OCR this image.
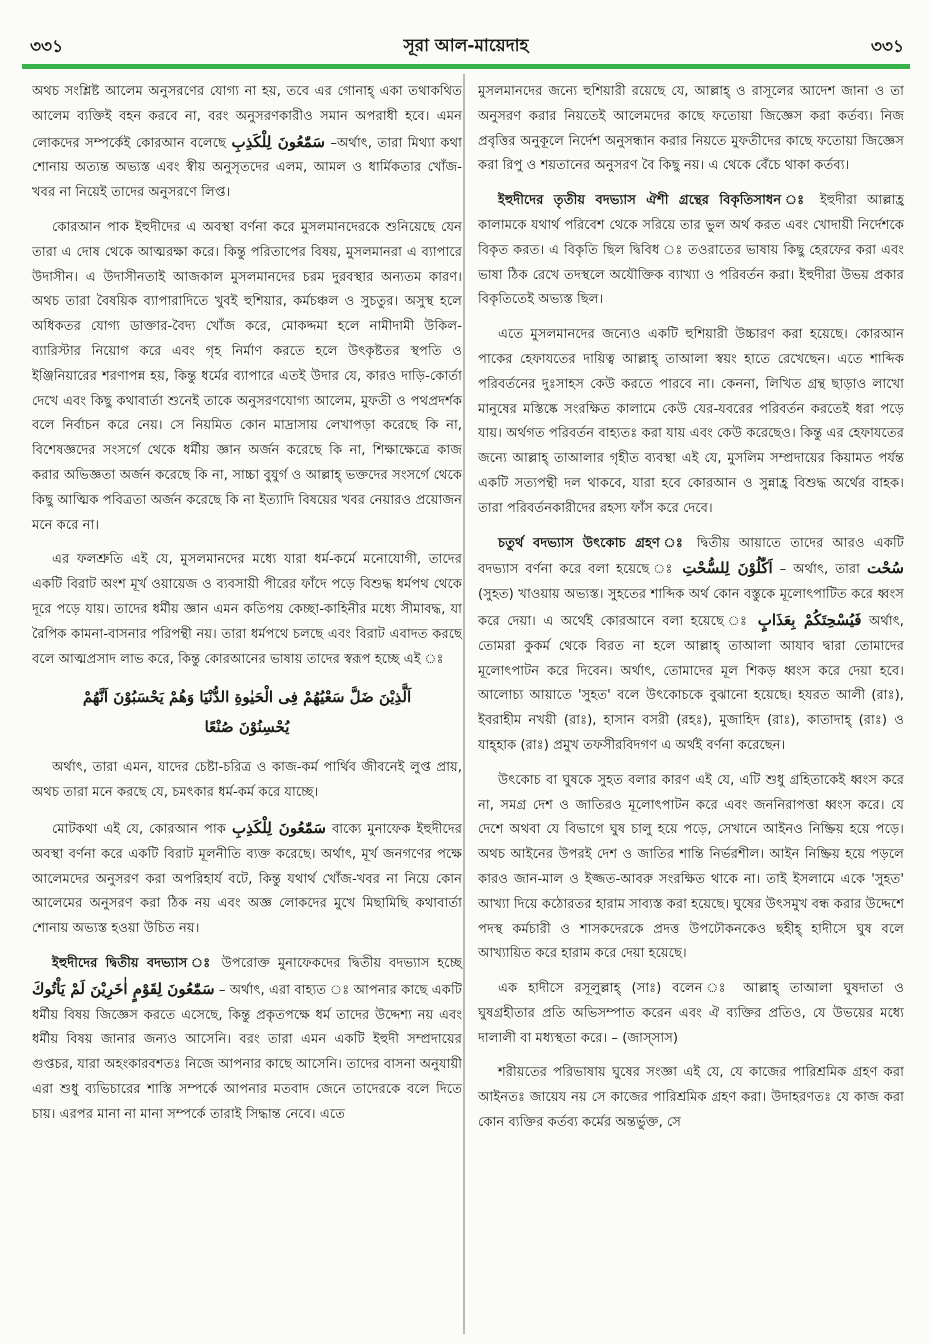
৩৩১	সূরা আল-মায়েদাহ	৩৩১

অথচ সংশ্লিষ্ট আলেম অনুসরণের যোগ্য না হয়, তবে এর গোনাহ্ একা তথাকথিত আলেম ব্যক্তিই বহন করবে না, বরং অনুসরণকারীও সমান অপরাধী হবে। এমন লোকদের সম্পর্কেই কোরআন বলেছে سَمّٰعُونَ لِلْكَذِبِ –অর্থাৎ, তারা মিথ্যা কথা শোনায় অত্যন্ত অভ্যস্ত এবং স্বীয় অনুসৃতদের এলম, আমল ও ধার্মিকতার খোঁজ-খবর না নিয়েই তাদের অনুসরণে লিপ্ত।

কোরআন পাক ইহুদীদের এ অবস্থা বর্ণনা করে মুসলমানদেরকে শুনিয়েছে যেন তারা এ দোষ থেকে আত্মরক্ষা করে। কিন্তু পরিতাপের বিষয়, মুসলমানরা এ ব্যাপারে উদাসীন। এ উদাসীনতাই আজকাল মুসলমানদের চরম দুরবস্থার অন্যতম কারণ। অথচ তারা বৈষয়িক ব্যাপারাদিতে খুবই হুশিয়ার, কর্মচঞ্চল ও সুচতুর। অসুস্থ হলে অধিকতর যোগ্য ডাক্তার-বৈদ্য খোঁজ করে, মোকদ্দমা হলে নামীদামী উকিল-ব্যারিস্টার নিয়োগ করে এবং গৃহ নির্মাণ করতে হলে উৎকৃষ্টতর স্থপতি ও ইঞ্জিনিয়ারের শরণাপন্ন হয়, কিন্তু ধর্মের ব্যাপারে এতই উদার যে, কারও দাড়ি-কোর্তা দেখে এবং কিছু কথাবার্তা শুনেই তাকে অনুসরণযোগ্য আলেম, মুফতী ও পথপ্রদর্শক বলে নির্বাচন করে নেয়। সে নিয়মিত কোন মাদ্রাসায় লেখাপড়া করেছে কি না, বিশেষজ্ঞদের সংসর্গে থেকে ধর্মীয় জ্ঞান অর্জন করেছে কি না, শিক্ষাক্ষেত্রে কাজ করার অভিজ্ঞতা অর্জন করেছে কি না, সাচ্চা বুযুর্গ ও আল্লাহ্ ভক্তদের সংসর্গে থেকে কিছু আত্মিক পবিত্রতা অর্জন করেছে কি না ইত্যাদি বিষয়ের খবর নেয়ারও প্রয়োজন মনে করে না।

এর ফলশ্রুতি এই যে, মুসলমানদের মধ্যে যারা ধর্ম-কর্মে মনোযোগী, তাদের একটি বিরাট অংশ মূর্খ ওয়ায়েজ ও ব্যবসায়ী পীরের ফাঁদে পড়ে বিশুদ্ধ ধর্মপথ থেকে দূরে পড়ে যায়। তাদের ধর্মীয় জ্ঞান এমন কতিপয় কেচ্ছা-কাহিনীর মধ্যে সীমাবদ্ধ, যা রৈপিক কামনা-বাসনার পরিপন্থী নয়। তারা ধর্মপথে চলছে এবং বিরাট এবাদত করছে বলে আত্মপ্রসাদ লাভ করে, কিন্তু কোরআনের ভাষায় তাদের স্বরূপ হচ্ছে এই ঃ

اَلَّذِيْنَ ضَلَّ سَعْيُهُمْ فِى الْحَيٰوةِ الدُّنْيَا وَهُمْ يَحْسَبُوْنَ اَنَّهُمْ
يُحْسِنُوْنَ صُنْعًا

অর্থাৎ, তারা এমন, যাদের চেষ্টা-চরিত্র ও কাজ-কর্ম পার্থিব জীবনেই লুপ্ত প্রায়, অথচ তারা মনে করছে যে, চমৎকার ধর্ম-কর্ম করে যাচ্ছে।

মোটকথা এই যে, কোরআন পাক سَمّٰعُونَ لِلْكَذِبِ বাক্যে মুনাফেক ইহুদীদের অবস্থা বর্ণনা করে একটি বিরাট মূলনীতি ব্যক্ত করেছে। অর্থাৎ, মূর্খ জনগণের পক্ষে আলেমদের অনুসরণ করা অপরিহার্য বটে, কিন্তু যথার্থ খোঁজ-খবর না নিয়ে কোন আলেমের অনুসরণ করা ঠিক নয় এবং অজ্ঞ লোকদের মুখে মিছামিছি কথাবার্তা শোনায় অভ্যস্ত হওয়া উচিত নয়।

ইহুদীদের দ্বিতীয় বদভ্যাস ঃ উপরোক্ত মুনাফেকদের দ্বিতীয় বদভ্যাস হচ্ছে سَمّٰعُونَ لِقَوْمٍ اٰخَرِيْنَ لَمْ يَاْتُوكَ – অর্থাৎ, এরা বাহ্যত ঃ আপনার কাছে একটি ধর্মীয় বিষয় জিজ্ঞেস করতে এসেছে, কিন্তু প্রকৃতপক্ষে ধর্ম তাদের উদ্দেশ্য নয় এবং ধর্মীয় বিষয় জানার জন্যও আসেনি। বরং তারা এমন একটি ইহুদী সম্প্রদায়ের গুপ্তচর, যারা অহংকারবশতঃ নিজে আপনার কাছে আসেনি। তাদের বাসনা অনুযায়ী এরা শুধু ব্যভিচারের শাস্তি সম্পর্কে আপনার মতবাদ জেনে তাদেরকে বলে দিতে চায়। এরপর মানা না মানা সম্পর্কে তারাই সিদ্ধান্ত নেবে। এতে

মুসলমানদের জন্যে হুশিয়ারী রয়েছে যে, আল্লাহ্ ও রাসূলের আদেশ জানা ও তা অনুসরণ করার নিয়তেই আলেমদের কাছে ফতোয়া জিজ্ঞেস করা কর্তব্য। নিজ প্রবৃত্তির অনুকূলে নির্দেশ অনুসন্ধান করার নিয়তে মুফতীদের কাছে ফতোয়া জিজ্ঞেস করা রিপু ও শয়তানের অনুসরণ বৈ কিছু নয়। এ থেকে বেঁচে থাকা কর্তব্য।

ইহুদীদের তৃতীয় বদভ্যাস ঐশী গ্রন্থের বিকৃতিসাধন ঃ ইহুদীরা আল্লাহ্র কালামকে যথার্থ পরিবেশ থেকে সরিয়ে তার ভুল অর্থ করত এবং খোদায়ী নির্দেশকে বিকৃত করত। এ বিকৃতি ছিল দ্বিবিধ ঃ তওরাতের ভাষায় কিছু হেরফের করা এবং ভাষা ঠিক রেখে তদস্থলে অযৌক্তিক ব্যাখ্যা ও পরিবর্তন করা। ইহুদীরা উভয় প্রকার বিকৃতিতেই অভ্যস্ত ছিল।

এতে মুসলমানদের জন্যেও একটি হুশিয়ারী উচ্চারণ করা হয়েছে। কোরআন পাকের হেফাযতের দায়িত্ব আল্লাহ্ তাআলা স্বয়ং হাতে রেখেছেন। এতে শাব্দিক পরিবর্তনের দুঃসাহস কেউ করতে পারবে না। কেননা, লিখিত গ্রন্থ ছাড়াও লাখো মানুষের মস্তিষ্কে সংরক্ষিত কালামে কেউ যের-যবরের পরিবর্তন করতেই ধরা পড়ে যায়। অর্থগত পরিবর্তন বাহ্যতঃ করা যায় এবং কেউ করেছেও। কিন্তু এর হেফাযতের জন্যে আল্লাহ্ তাআলার গৃহীত ব্যবস্থা এই যে, মুসলিম সম্প্রদায়ের কিয়ামত পর্যন্ত একটি সত্যপন্থী দল থাকবে, যারা হবে কোরআন ও সুন্নাহ্র বিশুদ্ধ অর্থের বাহক। তারা পরিবর্তনকারীদের রহস্য ফাঁস করে দেবে।

চতুর্থ বদভ্যাস উৎকোচ গ্রহণ ঃ দ্বিতীয় আয়াতে তাদের আরও একটি বদভ্যাস বর্ণনা করে বলা হয়েছে ঃ اَكّٰلُوْنَ لِلسُّحْتِ – অর্থাৎ, তারা سُحْت (সুহত) খাওয়ায় অভ্যস্ত। সুহতের শাব্দিক অর্থ কোন বস্তুকে মূলোৎপাটিত করে ধ্বংস করে দেয়া। এ অর্থেই কোরআনে বলা হয়েছে ঃ فَيُسْحِتَكُمْ بِعَذَابٍ অর্থাৎ, তোমরা কুকর্ম থেকে বিরত না হলে আল্লাহ্ তাআলা আযাব দ্বারা তোমাদের মূলোৎপাটন করে দিবেন। অর্থাৎ, তোমাদের মূল শিকড় ধ্বংস করে দেয়া হবে। আলোচ্য আয়াতে 'সুহত' বলে উৎকোচকে বুঝানো হয়েছে। হযরত আলী (রাঃ), ইবরাহীম নখয়ী (রাঃ), হাসান বসরী (রহঃ), মুজাহিদ (রাঃ), কাতাদাহ্ (রাঃ) ও যাহ্হাক (রাঃ) প্রমুখ তফসীরবিদগণ এ অর্থই বর্ণনা করেছেন।

উৎকোচ বা ঘুষকে সুহত বলার কারণ এই যে, এটি শুধু গ্রহিতাকেই ধ্বংস করে না, সমগ্র দেশ ও জাতিরও মূলোৎপাটন করে এবং জননিরাপত্তা ধ্বংস করে। যে দেশে অথবা যে বিভাগে ঘুষ চালু হয়ে পড়ে, সেখানে আইনও নিষ্ক্রিয় হয়ে পড়ে। অথচ আইনের উপরই দেশ ও জাতির শান্তি নির্ভরশীল। আইন নিষ্ক্রিয় হয়ে পড়লে কারও জান-মাল ও ইজ্জত-আবরু সংরক্ষিত থাকে না। তাই ইসলামে একে 'সুহত' আখ্যা দিয়ে কঠোরতর হারাম সাব্যস্ত করা হয়েছে। ঘুষের উৎসমুখ বন্ধ করার উদ্দেশে পদস্থ কর্মচারী ও শাসকদেরকে প্রদত্ত উপঢৌকনকেও ছহীহ্ হাদীসে ঘুষ বলে আখ্যায়িত করে হারাম করে দেয়া হয়েছে।

এক হাদীসে রসূলুল্লাহ্ (সাঃ) বলেন ঃ আল্লাহ্ তাআলা ঘুষদাতা ও ঘুষগ্রহীতার প্রতি অভিসম্পাত করেন এবং ঐ ব্যক্তির প্রতিও, যে উভয়ের মধ্যে দালালী বা মধ্যস্থতা করে। – (জাস্সাস)

শরীয়তের পরিভাষায় ঘুষের সংজ্ঞা এই যে, যে কাজের পারিশ্রমিক গ্রহণ করা আইনতঃ জায়েয নয় সে কাজের পারিশ্রমিক গ্রহণ করা। উদাহরণতঃ যে কাজ করা কোন ব্যক্তির কর্তব্য কর্মের অন্তর্ভুক্ত, সে
